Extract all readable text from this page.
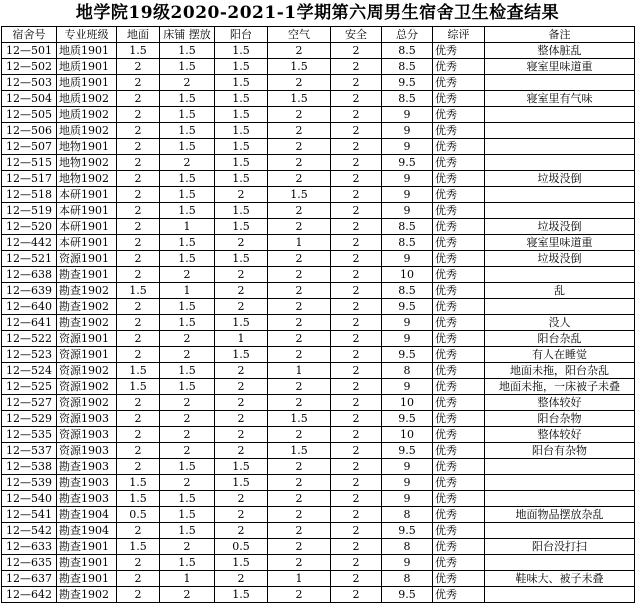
地学院19级2020-2021-1学期第六周男生宿舍卫生检查结果
宿舍号	专业班级	地面	床铺 摆放	阳台	空气	安全	总分	综评	备注
12—501	地质1901	1.5	1.5	1.5	2	2	8.5	优秀	整体脏乱
12—502	地质1901	2	1.5	1.5	1.5	2	8.5	优秀	寝室里味道重
12—503	地质1901	2	2	1.5	2	2	9.5	优秀	
12—504	地质1902	2	1.5	1.5	1.5	2	8.5	优秀	寝室里有气味
12—505	地质1902	2	1.5	1.5	2	2	9	优秀	
12—506	地质1902	2	1.5	1.5	2	2	9	优秀	
12—507	地物1901	2	1.5	1.5	2	2	9	优秀	
12—515	地物1902	2	2	1.5	2	2	9.5	优秀	
12—517	地物1902	2	1.5	1.5	2	2	9	优秀	垃圾没倒
12—518	本研1901	2	1.5	2	1.5	2	9	优秀	
12—519	本研1901	2	1.5	1.5	2	2	9	优秀	
12—520	本研1901	2	1	1.5	2	2	8.5	优秀	垃圾没倒
12—442	本研1901	2	1.5	2	1	2	8.5	优秀	寝室里味道重
12—521	资源1901	2	1.5	1.5	2	2	9	优秀	垃圾没倒
12—638	勘查1901	2	2	2	2	2	10	优秀	
12—639	勘查1902	1.5	1	2	2	2	8.5	优秀	乱
12—640	勘查1902	2	1.5	2	2	2	9.5	优秀	
12—641	勘查1902	2	1.5	1.5	2	2	9	优秀	没人
12—522	资源1901	2	2	1	2	2	9	优秀	阳台杂乱
12—523	资源1901	2	2	1.5	2	2	9.5	优秀	有人在睡觉
12—524	资源1902	1.5	1.5	2	1	2	8	优秀	地面未拖，阳台杂乱
12—525	资源1902	1.5	1.5	2	2	2	9	优秀	地面未拖，一床被子未叠
12—527	资源1902	2	2	2	2	2	10	优秀	整体较好
12—529	资源1903	2	2	2	1.5	2	9.5	优秀	阳台杂物
12—535	资源1903	2	2	2	2	2	10	优秀	整体较好
12—537	资源1903	2	2	2	1.5	2	9.5	优秀	阳台有杂物
12—538	勘查1903	2	1.5	1.5	2	2	9	优秀	
12—539	勘查1903	1.5	2	1.5	2	2	9	优秀	
12—540	勘查1903	1.5	1.5	2	2	2	9	优秀	
12—541	勘查1904	0.5	1.5	2	2	2	8	优秀	地面物品摆放杂乱
12—542	勘查1904	2	1.5	2	2	2	9.5	优秀	
12—633	勘查1901	1.5	2	0.5	2	2	8	优秀	阳台没打扫
12—635	勘查1901	2	1.5	1.5	2	2	9	优秀	
12—637	勘查1901	2	1	2	1	2	8	优秀	鞋味大、被子未叠
12—642	勘查1902	2	2	1.5	2	2	9.5	优秀	
